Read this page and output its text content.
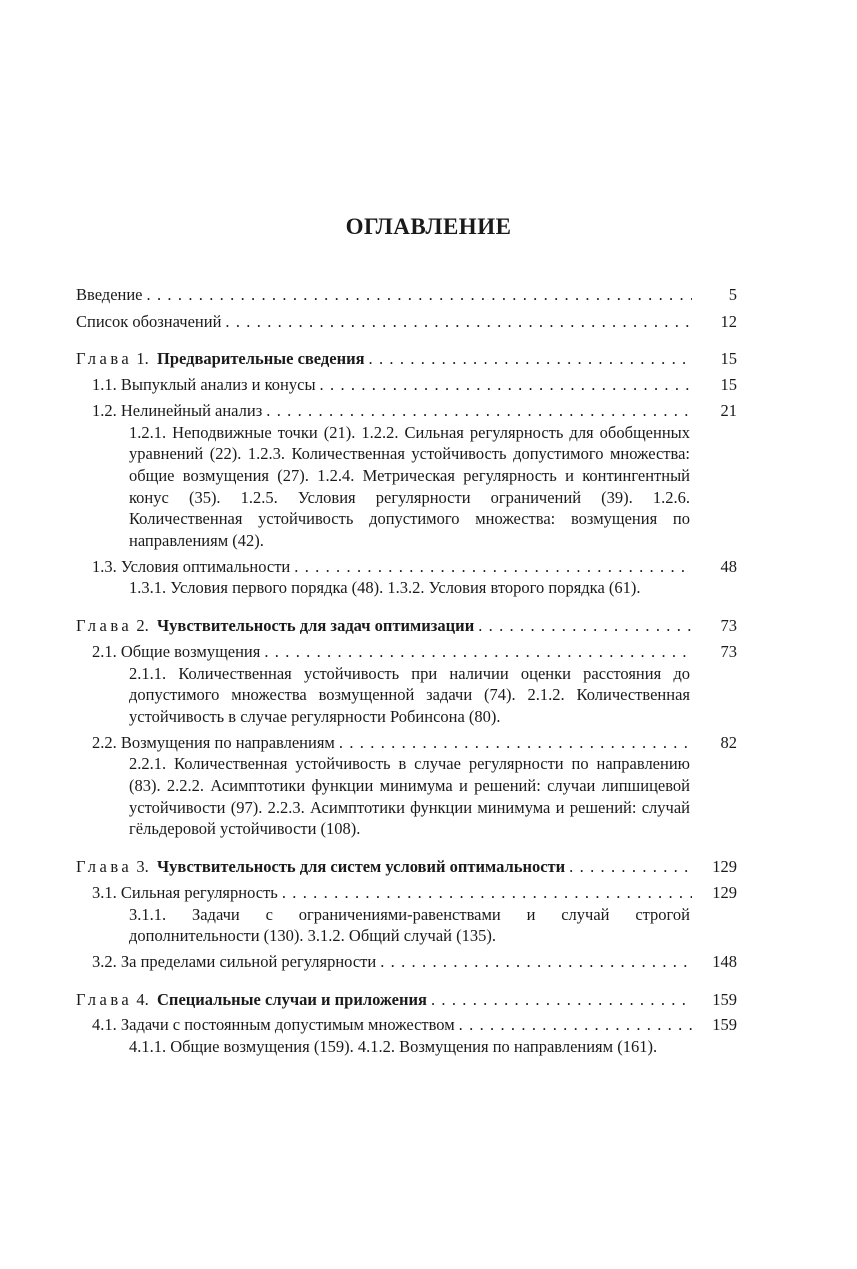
ОГЛАВЛЕНИЕ
Введение . . .	5
Список обозначений . . .	12
Глава 1. Предварительные сведения . . .	15
1.1. Выпуклый анализ и конусы . . .	15
1.2. Нелинейный анализ . . .	21
1.2.1. Неподвижные точки (21). 1.2.2. Сильная регулярность для обобщенных уравнений (22). 1.2.3. Количественная устойчивость допустимого множества: общие возмущения (27). 1.2.4. Метрическая регулярность и контингентный конус (35). 1.2.5. Условия регулярности ограничений (39). 1.2.6. Количественная устойчивость допустимого множества: возмущения по направлениям (42).
1.3. Условия оптимальности . . .	48
1.3.1. Условия первого порядка (48). 1.3.2. Условия второго порядка (61).
Глава 2. Чувствительность для задач оптимизации . . .	73
2.1. Общие возмущения . . .	73
2.1.1. Количественная устойчивость при наличии оценки расстояния до допустимого множества возмущенной задачи (74). 2.1.2. Количественная устойчивость в случае регулярности Робинсона (80).
2.2. Возмущения по направлениям . . .	82
2.2.1. Количественная устойчивость в случае регулярности по направлению (83). 2.2.2. Асимптотики функции минимума и решений: случаи липшицевой устойчивости (97). 2.2.3. Асимптотики функции минимума и решений: случай гёльдеровой устойчивости (108).
Глава 3. Чувствительность для систем условий оптимальности . . .	129
3.1. Сильная регулярность . . .	129
3.1.1. Задачи с ограничениями-равенствами и случай строгой дополнительности (130). 3.1.2. Общий случай (135).
3.2. За пределами сильной регулярности . . .	148
Глава 4. Специальные случаи и приложения . . .	159
4.1. Задачи с постоянным допустимым множеством . . .	159
4.1.1. Общие возмущения (159). 4.1.2. Возмущения по направлениям (161).
